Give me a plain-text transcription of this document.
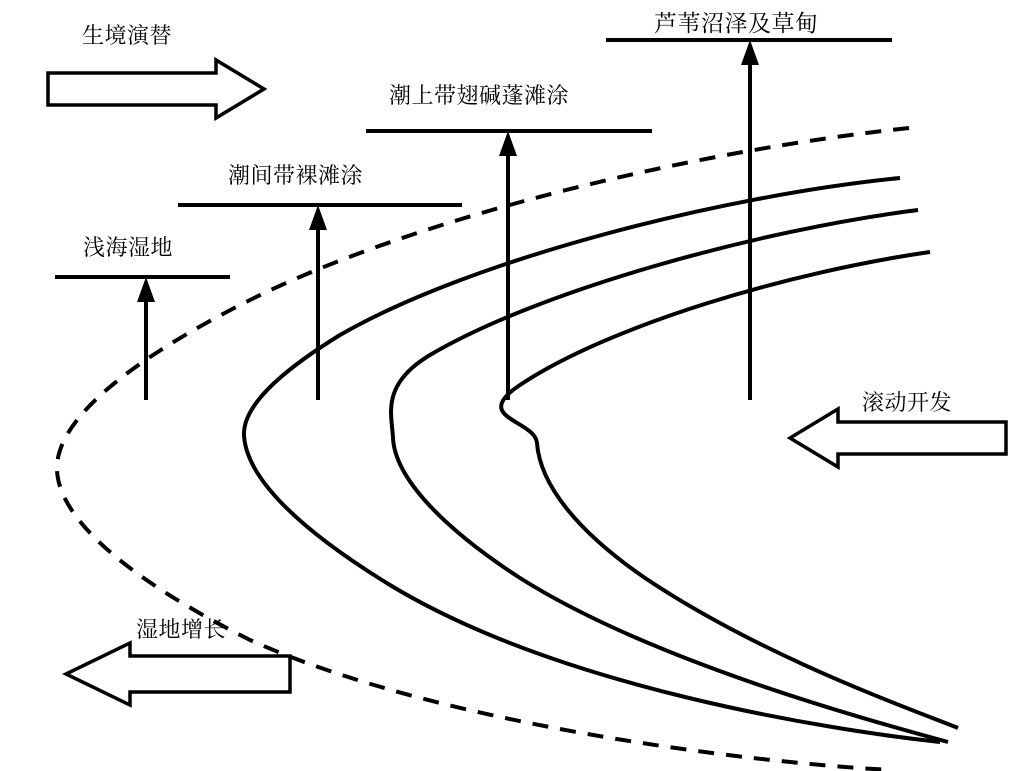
生境演替
浅海湿地
潮间带裸滩涂
潮上带翅碱蓬滩涂
芦苇沼泽及草甸
滚动开发
湿地增长
